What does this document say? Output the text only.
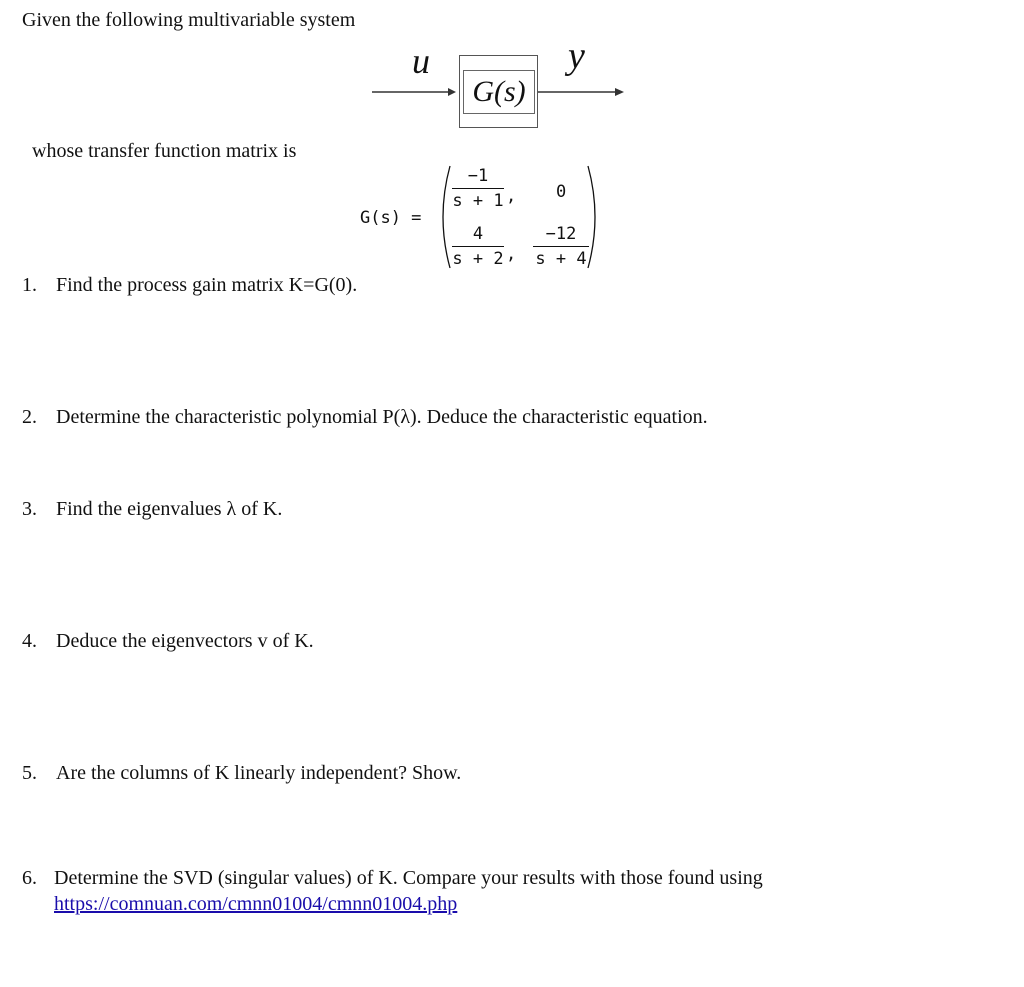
Given the following multivariable system
G(s)
u	y
whose transfer function matrix is
G(s) =
−1
s + 1 , 0
4
s + 2 ,
−12
s + 4
1. Find the process gain matrix K=G(0).
2. Determine the characteristic polynomial P(λ). Deduce the characteristic equation.
3. Find the eigenvalues λ of K.
4. Deduce the eigenvectors v of K.
5. Are the columns of K linearly independent? Show.
6. Determine the SVD (singular values) of K. Compare your results with those found using
https://comnuan.com/cmnn01004/cmnn01004.php
